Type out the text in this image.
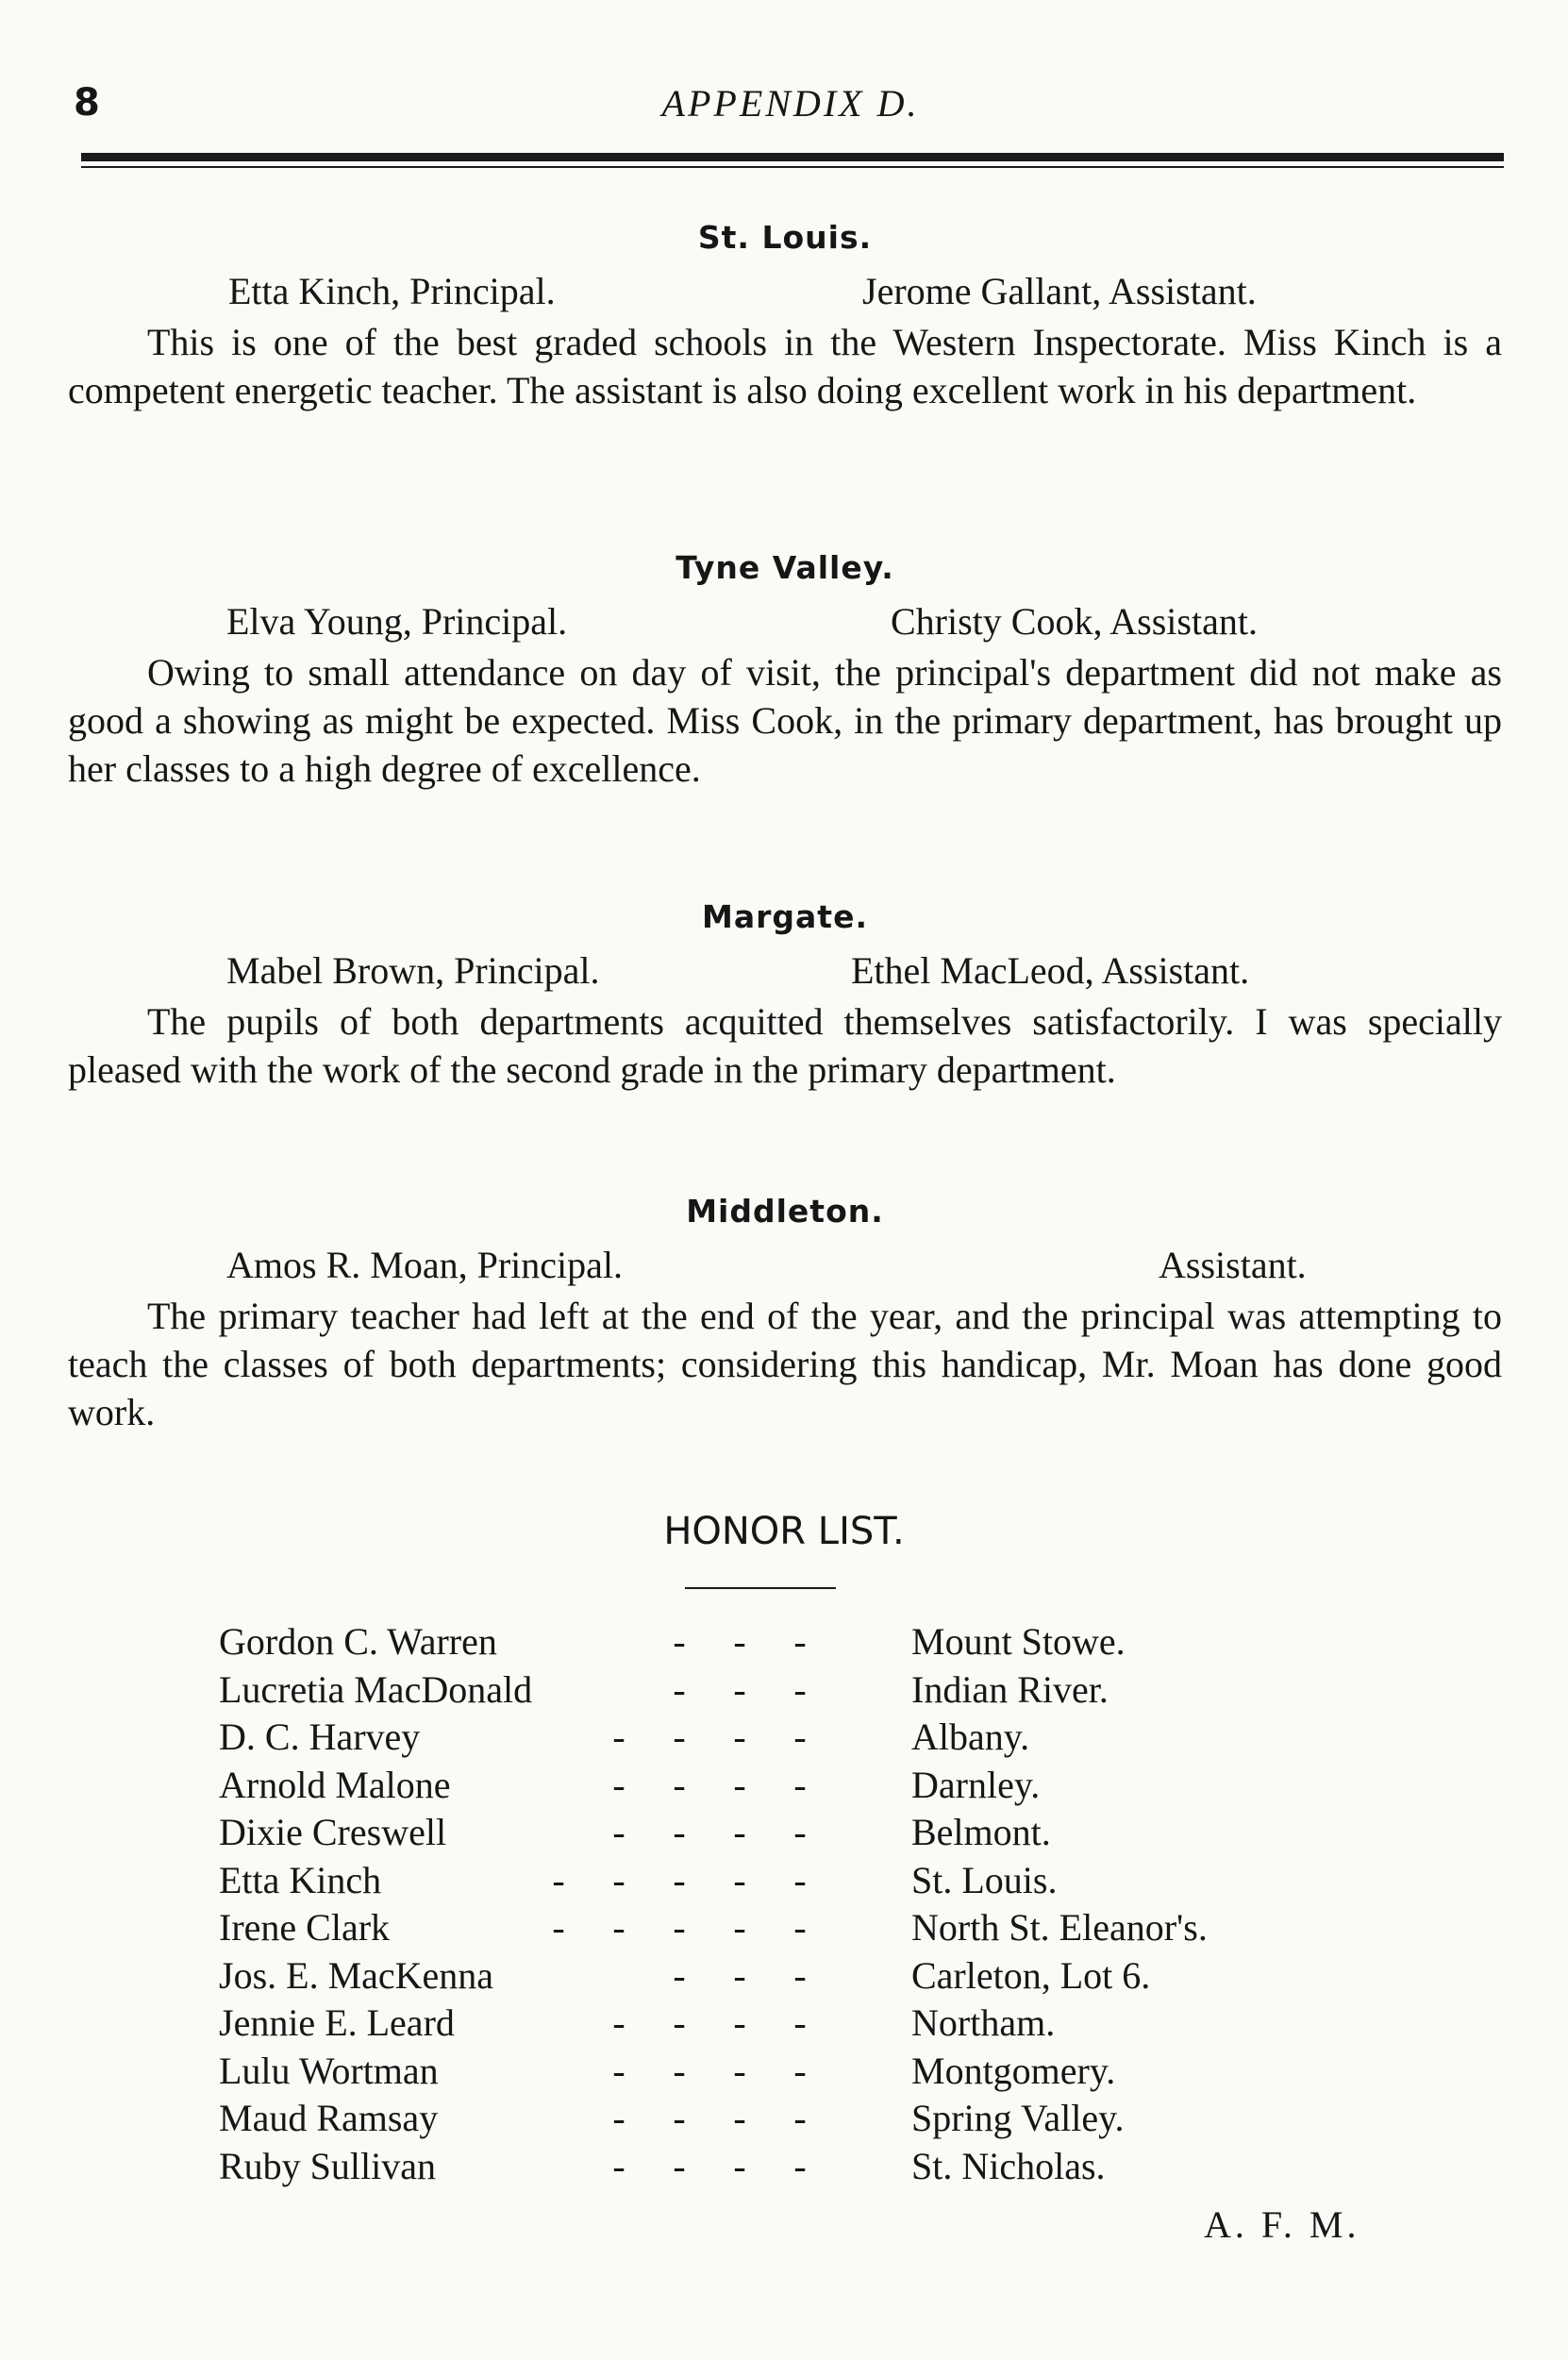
8	APPENDIX D.
St. Louis.
Etta Kinch, Principal.	Jerome Gallant, Assistant.

This is one of the best graded schools in the Western Inspectorate. Miss Kinch is a competent energetic teacher. The assistant is also doing excellent work in his department.

Tyne Valley.
Elva Young, Principal.	Christy Cook, Assistant.

Owing to small attendance on day of visit, the principal's department did not make as good a showing as might be expected. Miss Cook, in the primary department, has brought up her classes to a high degree of excellence.

Margate.
Mabel Brown, Principal.	Ethel MacLeod, Assistant.

The pupils of both departments acquitted themselves satisfactorily. I was specially pleased with the work of the second grade in the primary department.

Middleton.
Amos R. Moan, Principal.	Assistant.

The primary teacher had left at the end of the year, and the principal was attempting to teach the classes of both departments; considering this handicap, Mr. Moan has done good work.

HONOR LIST.
Gordon C. Warren	- - -	Mount Stowe.
Lucretia MacDonald	- - -	Indian River.
D. C. Harvey	- - - -	Albany.
Arnold Malone	- - - -	Darnley.
Dixie Creswell	- - - -	Belmont.
Etta Kinch	- - - - -	St. Louis.
Irene Clark	- - - - -	North St. Eleanor's.
Jos. E. MacKenna	- - -	Carleton, Lot 6.
Jennie E. Leard	- - - -	Northam.
Lulu Wortman	- - - -	Montgomery.
Maud Ramsay	- - - -	Spring Valley.
Ruby Sullivan	- - - -	St. Nicholas.
A. F. M.
